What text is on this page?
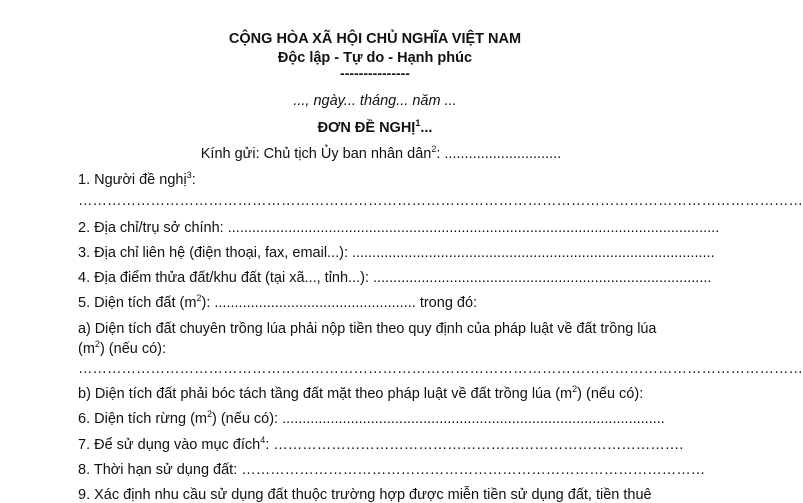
CỘNG HÒA XÃ HỘI CHỦ NGHĨA VIỆT NAM
Độc lập - Tự do - Hạnh phúc
---------------
..., ngày... tháng... năm ...
ĐƠN ĐỀ NGHỊ$^1$...
Kính gửi: Chủ tịch Ủy ban nhân dân$^2$: .............................
1. Người đề nghị$^3$:
……………………………………………………………………………………………………………………………………
2. Địa chỉ/trụ sở chính: ..........................................................................................................................
3. Địa chỉ liên hệ (điện thoại, fax, email...): ..........................................................................................
4. Địa điểm thửa đất/khu đất (tại xã..., tỉnh...): ....................................................................................
5. Diện tích đất $(m^2)$: .................................................. trong đó:
a) Diện tích đất chuyên trồng lúa phải nộp tiền theo quy định của pháp luật về đất trồng lúa
$(m^2)$ (nếu có):
……………………………………………………………………………………………………………………………………
b) Diện tích đất phải bóc tách tầng đất mặt theo pháp luật về đất trồng lúa $(m^2)$ (nếu có):
6. Diện tích rừng $(m^2)$ (nếu có): ...............................................................................................
7. Để sử dụng vào mục đích$^4$: ………………………………………………………………………….
8. Thời hạn sử dụng đất: ……………………………………………………………………………………
9. Xác định nhu cầu sử dụng đất thuộc trường hợp được miễn tiền sử dụng đất, tiền thuê
